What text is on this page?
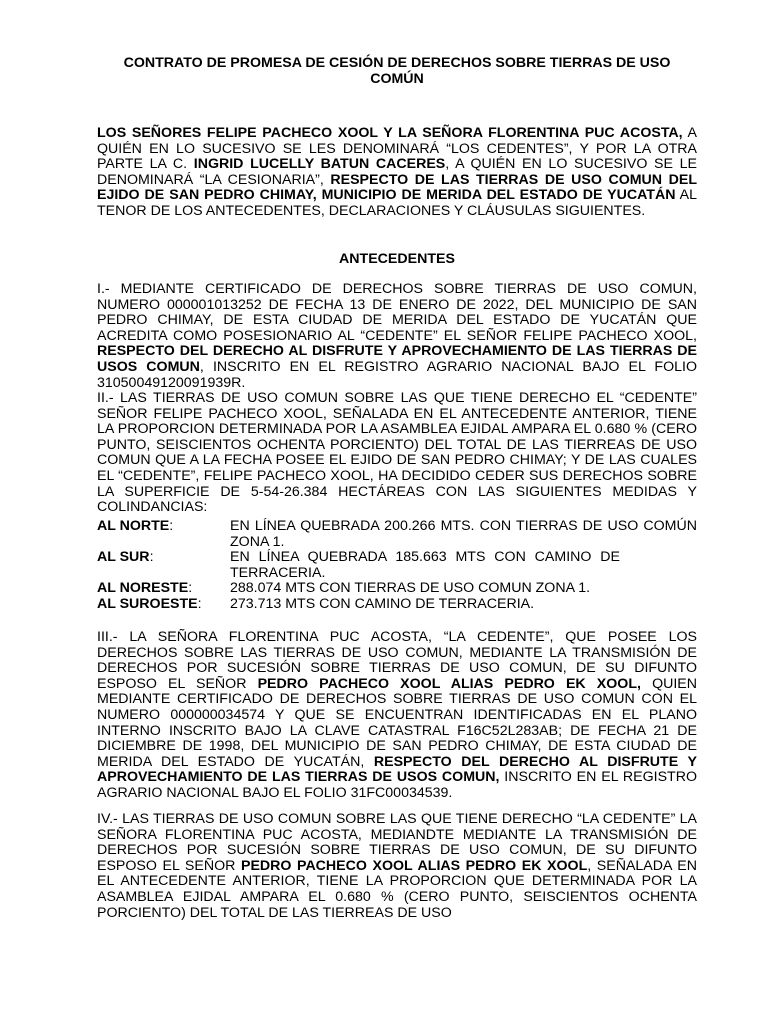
CONTRATO DE PROMESA DE CESIÓN DE DERECHOS SOBRE TIERRAS DE USO
COMÚN

LOS SEÑORES FELIPE PACHECO XOOL Y LA SEÑORA FLORENTINA PUC ACOSTA, A QUIÉN EN LO SUCESIVO SE LES DENOMINARÁ “LOS CEDENTES”, Y POR LA OTRA PARTE LA C. INGRID LUCELLY BATUN CACERES, A QUIÉN EN LO SUCESIVO SE LE DENOMINARÁ “LA CESIONARIA”, RESPECTO DE LAS TIERRAS DE USO COMUN DEL EJIDO DE SAN PEDRO CHIMAY, MUNICIPIO DE MERIDA DEL ESTADO DE YUCATÁN AL TENOR DE LOS ANTECEDENTES, DECLARACIONES Y CLÁUSULAS SIGUIENTES.

ANTECEDENTES

I.- MEDIANTE CERTIFICADO DE DERECHOS SOBRE TIERRAS DE USO COMUN, NUMERO 000001013252 DE FECHA 13 DE ENERO DE 2022, DEL MUNICIPIO DE SAN PEDRO CHIMAY, DE ESTA CIUDAD DE MERIDA DEL ESTADO DE YUCATÁN QUE ACREDITA COMO POSESIONARIO AL “CEDENTE” EL SEÑOR FELIPE PACHECO XOOL, RESPECTO DEL DERECHO AL DISFRUTE Y APROVECHAMIENTO DE LAS TIERRAS DE USOS COMUN, INSCRITO EN EL REGISTRO AGRARIO NACIONAL BAJO EL FOLIO 31050049120091939R.

II.- LAS TIERRAS DE USO COMUN SOBRE LAS QUE TIENE DERECHO EL “CEDENTE” SEÑOR FELIPE PACHECO XOOL, SEÑALADA EN EL ANTECEDENTE ANTERIOR, TIENE LA PROPORCION DETERMINADA POR LA ASAMBLEA EJIDAL AMPARA EL 0.680 % (CERO PUNTO, SEISCIENTOS OCHENTA PORCIENTO) DEL TOTAL DE LAS TIERREAS DE USO COMUN QUE A LA FECHA POSEE EL EJIDO DE SAN PEDRO CHIMAY; Y DE LAS CUALES EL “CEDENTE”, FELIPE PACHECO XOOL, HA DECIDIDO CEDER SUS DERECHOS SOBRE LA SUPERFICIE DE 5-54-26.384 HECTÁREAS CON LAS SIGUIENTES MEDIDAS Y COLINDANCIAS:

AL NORTE:	EN LÍNEA QUEBRADA 200.266 MTS. CON TIERRAS DE USO COMÚN ZONA 1.
AL SUR:	EN LÍNEA QUEBRADA 185.663 MTS CON CAMINO DE TERRACERIA.
AL NORESTE:	288.074 MTS CON TIERRAS DE USO COMUN ZONA 1.
AL SUROESTE:	273.713 MTS CON CAMINO DE TERRACERIA.

III.- LA SEÑORA FLORENTINA PUC ACOSTA, “LA CEDENTE”, QUE POSEE LOS DERECHOS SOBRE LAS TIERRAS DE USO COMUN, MEDIANTE LA TRANSMISIÓN DE DERECHOS POR SUCESIÓN SOBRE TIERRAS DE USO COMUN, DE SU DIFUNTO ESPOSO EL SEÑOR PEDRO PACHECO XOOL ALIAS PEDRO EK XOOL, QUIEN MEDIANTE CERTIFICADO DE DERECHOS SOBRE TIERRAS DE USO COMUN CON EL NUMERO 000000034574 Y QUE SE ENCUENTRAN IDENTIFICADAS EN EL PLANO INTERNO INSCRITO BAJO LA CLAVE CATASTRAL F16C52L283AB; DE FECHA 21 DE DICIEMBRE DE 1998, DEL MUNICIPIO DE SAN PEDRO CHIMAY, DE ESTA CIUDAD DE MERIDA DEL ESTADO DE YUCATÁN, RESPECTO DEL DERECHO AL DISFRUTE Y APROVECHAMIENTO DE LAS TIERRAS DE USOS COMUN, INSCRITO EN EL REGISTRO AGRARIO NACIONAL BAJO EL FOLIO 31FC00034539.

IV.- LAS TIERRAS DE USO COMUN SOBRE LAS QUE TIENE DERECHO “LA CEDENTE” LA SEÑORA FLORENTINA PUC ACOSTA, MEDIANDTE MEDIANTE LA TRANSMISIÓN DE DERECHOS POR SUCESIÓN SOBRE TIERRAS DE USO COMUN, DE SU DIFUNTO ESPOSO EL SEÑOR PEDRO PACHECO XOOL ALIAS PEDRO EK XOOL, SEÑALADA EN EL ANTECEDENTE ANTERIOR, TIENE LA PROPORCION QUE DETERMINADA POR LA ASAMBLEA EJIDAL AMPARA EL 0.680 % (CERO PUNTO, SEISCIENTOS OCHENTA PORCIENTO) DEL TOTAL DE LAS TIERREAS DE USO
